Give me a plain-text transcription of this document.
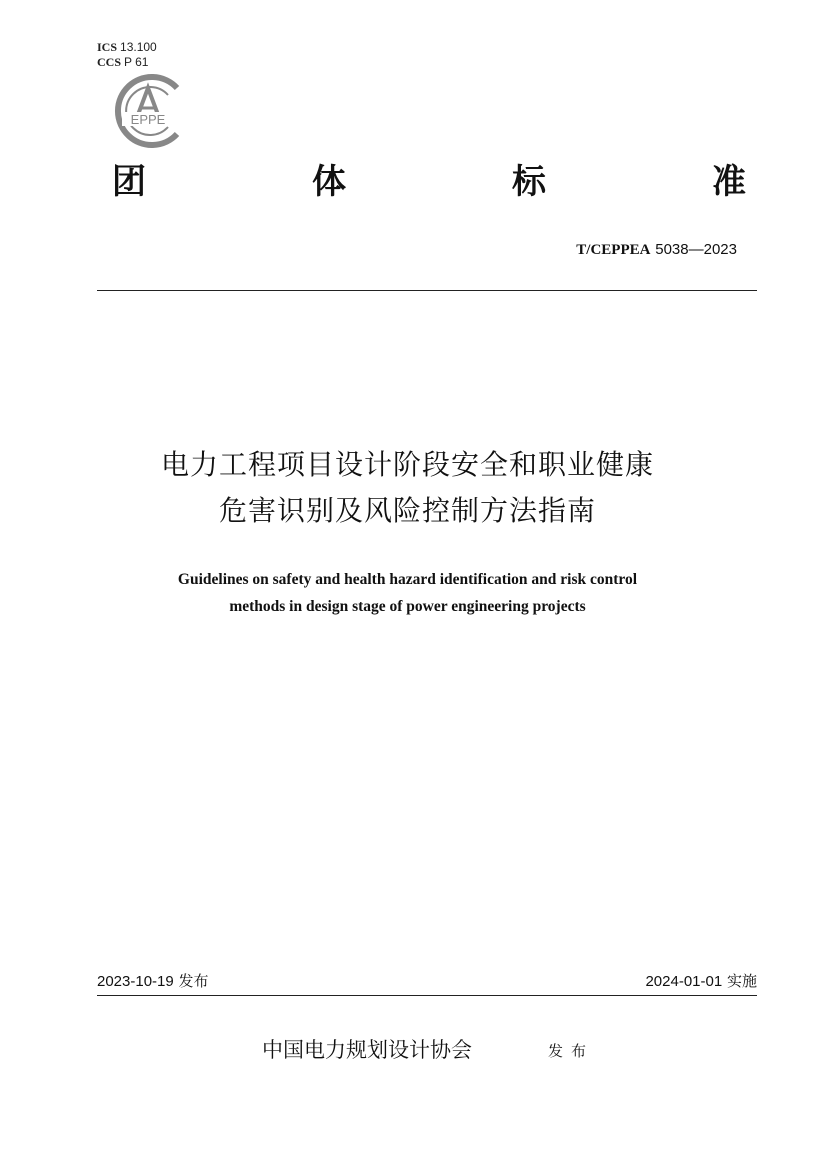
ICS 13.100
CCS P 61
EPPE
团	体	标	准
T/CEPPEA 5038—2023
电力工程项目设计阶段安全和职业健康
危害识别及风险控制方法指南
Guidelines on safety and health hazard identification and risk control
methods in design stage of power engineering projects
2023-10-19 发布	2024-01-01 实施
中国电力规划设计协会	发布
